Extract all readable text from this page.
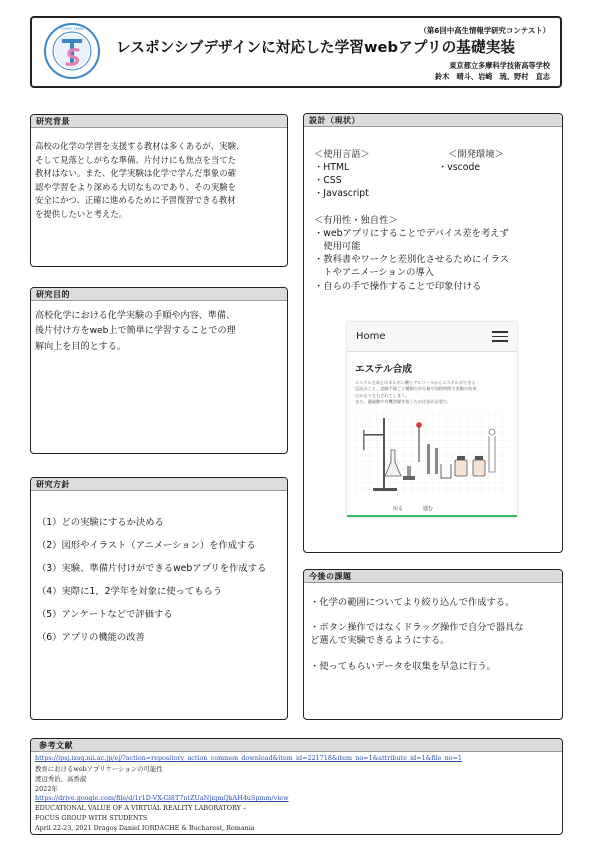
TOKYO TAMA	（第6回中高生情報学研究コンテスト）
レスポンシブデザインに対応した学習webアプリの基礎実装
東京都立多摩科学技術高等学校
鈴木　晴斗、岩崎　琉、野村　直志
研究背景
高校の化学の学習を支援する教材は多くあるが、実験、
そして見落としがちな準備、片付けにも焦点を当てた
教材はない。また、化学実験は化学で学んだ事象の確
認や学習をより深める大切なものであり、その実験を
安全にかつ、正確に進めるために予習復習できる教材
を提供したいと考えた。
研究目的
高校化学における化学実験の手順や内容、準備、
後片付け方をweb上で簡単に学習することでの理
解向上を目的とする。
研究方針
（1）どの実験にするか決める
（2）図形やイラスト（アニメーション）を作成する
（3）実験、準備片付けができるwebアプリを作成する
（4）実際に1，2学年を対象に使ってもらう
（5）アンケートなどで評価する
（6）アプリの機能の改善
設計（現状）
＜使用言語＞
・HTML
・CSS
・Javascript
＜開発環境＞
・vscode
＜有用性・独自性＞
・webアプリにすることでデバイス差を考えず
　使用可能
・教科書やワークと差別化させるためにイラス
　トやアニメーションの導入
・自らの手で操作することで印象付ける
Home
エステル合成
エステル合成とはカルボン酸とアルコールからエステルができる
反応のこと。実験手順ごと種類だが分量や加熱時間で実験の結果
はかなり左右されてしまう。
また、濃硫酸や有機溶媒を扱うため注意が必要だ。
戻る	進む
今後の課題
・化学の範囲についてより絞り込んで作成する。
・ボタン操作ではなくドラッグ操作で自分で器具な
ど選んで実験できるようにする。
・使ってもらいデータを収集を早急に行う。
参考文献
https://ipsj.ixsq.nii.ac.jp/ej/?action=repository_action_common_download&item_id=221718&item_no=1&attribute_id=1&file_no=1
教育におけるwebアプリケーションの可能性
渡辺秀治、高香淑
2022年
https://drive.google.com/file/d/1r1D-VX-Gl8T7ntZUaNjiqmQkAH4uSpmm/view
EDUCATIONAL VALUE OF A VIRTUAL REALITY LABORATORY –
FOCUS GROUP WITH STUDENTS
April 22-23, 2021 Dragoş Daniel IORDACHE & Bucharest, Romania
